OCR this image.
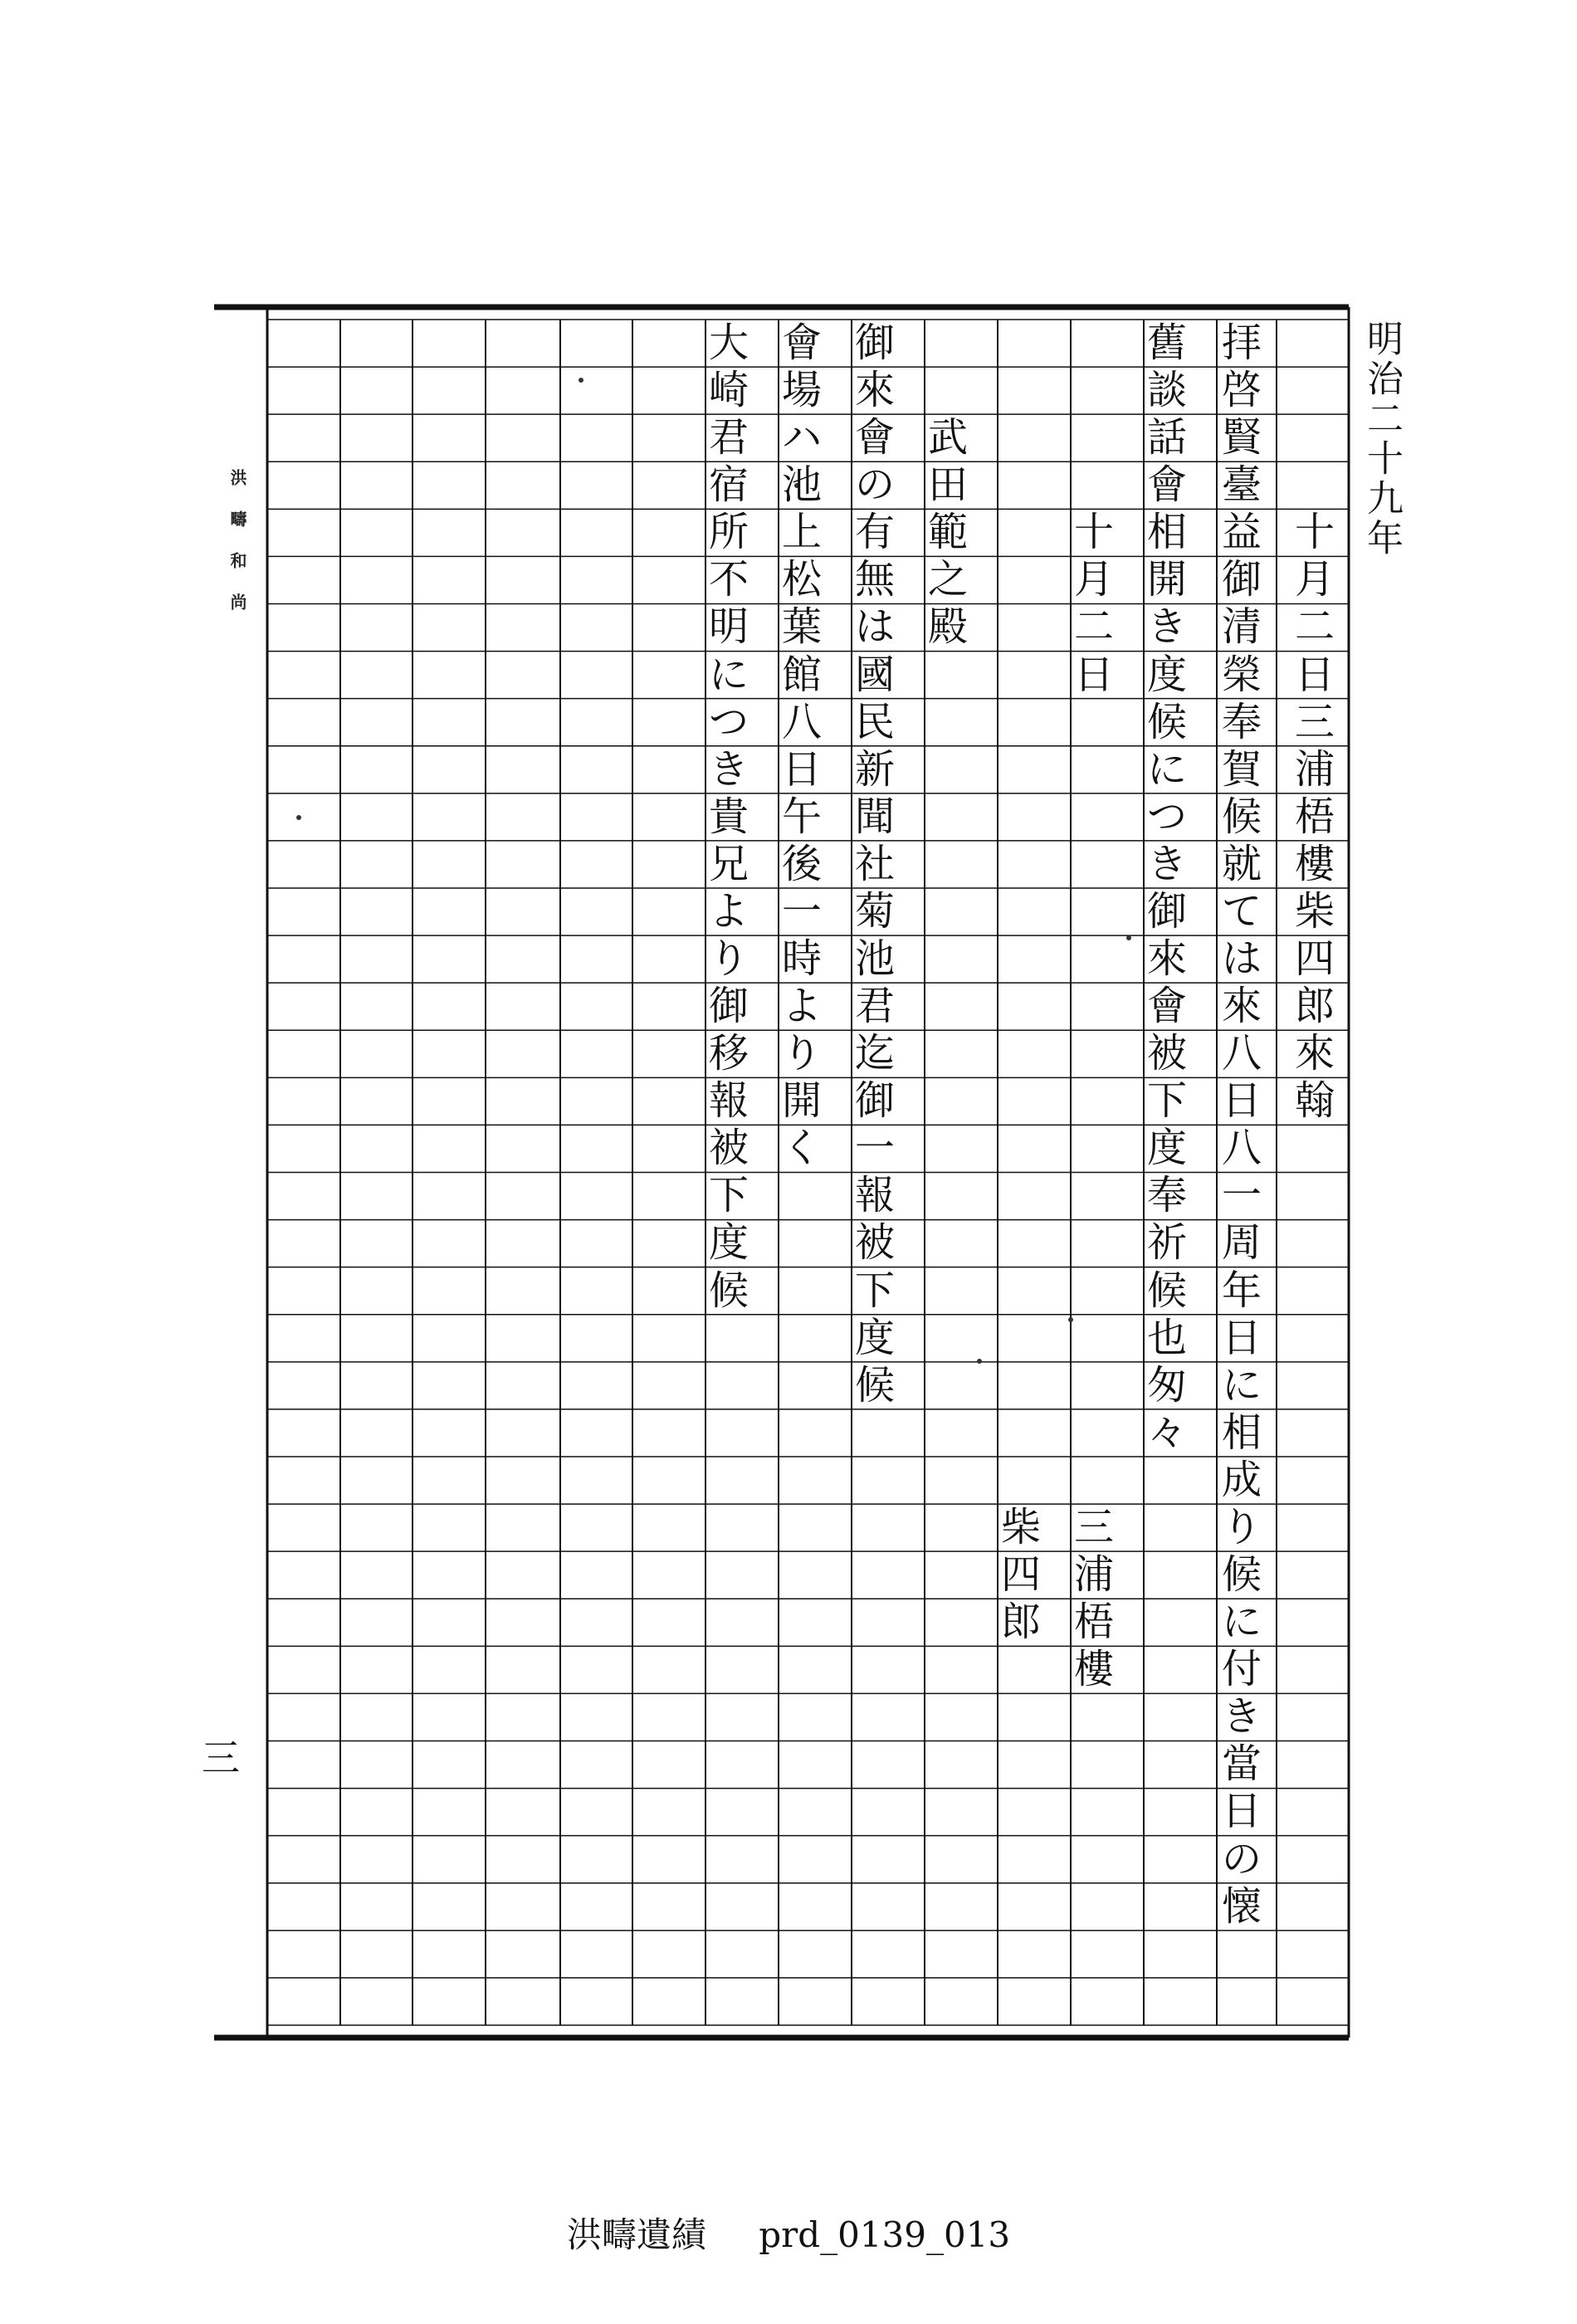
明治二十九年
洪疇和尚
三
十
月
二
日
三
浦
梧
樓
柴
四
郎
來
翰
拝
啓
賢
臺
益
御
清
榮
奉
賀
候
就
て
は
來
八
日
八
一
周
年
日
に
相
成
り
候
に
付
き
當
日
の
懐
舊
談
話
會
相
開
き
度
候
に
つ
き
御
來
會
被
下
度
奉
祈
候
也
匆
々
三
浦
梧
樓
柴
四
郎
十
月
二
日
武
田
範
之
殿
御
來
會
の
有
無
は
國
民
新
聞
社
菊
池
君
迄
御
一
報
被
下
度
候
會
場
ハ
池
上
松
葉
館
八
日
午
後
一
時
よ
り
開
く
大
崎
君
宿
所
不
明
に
つ
き
貴
兄
よ
り
御
移
報
被
下
度
候
洪疇遺績 prd_0139_013
